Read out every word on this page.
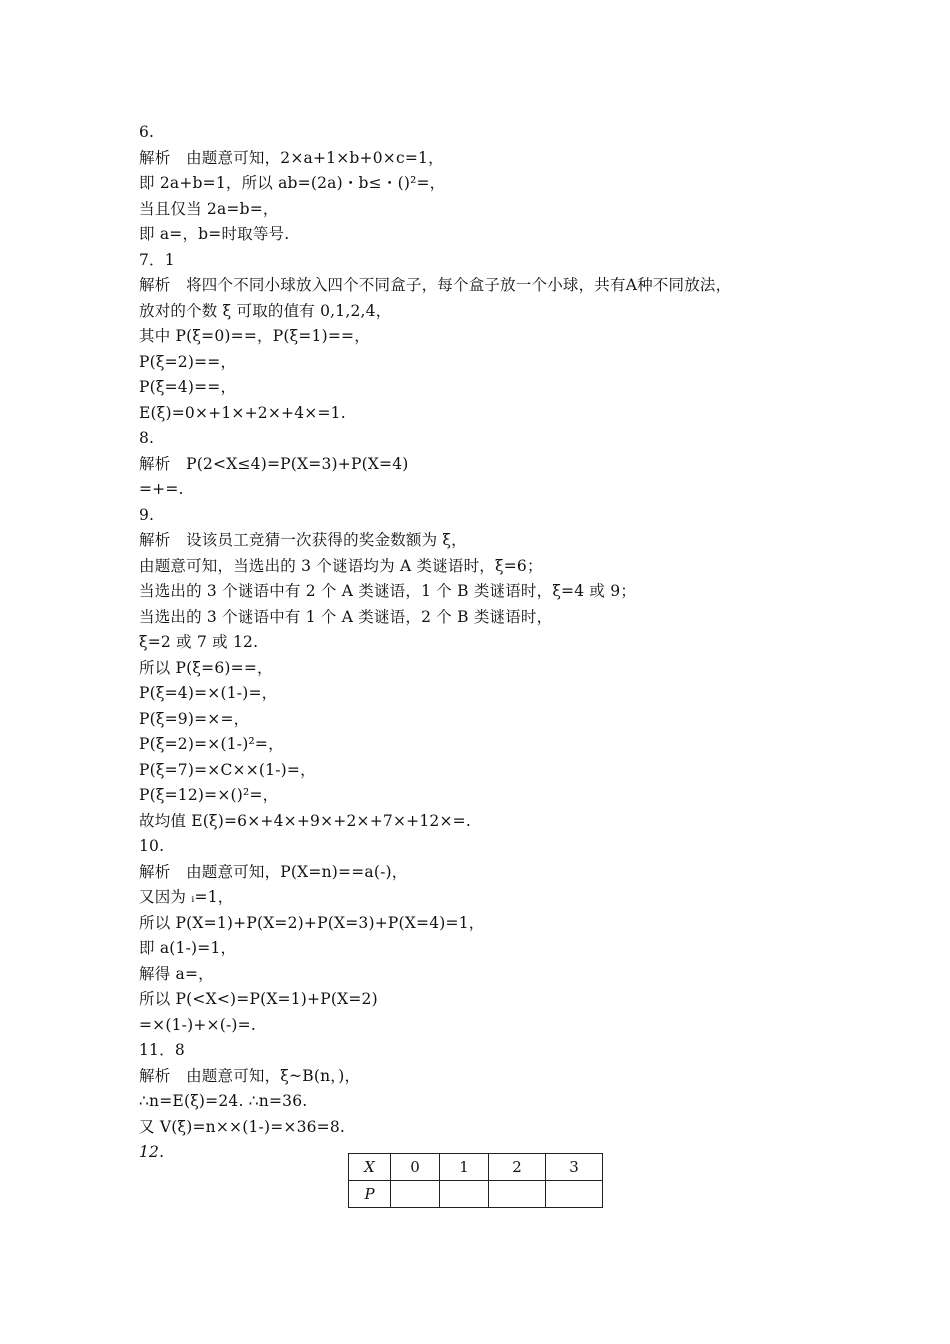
6.
解析　由题意可知，2×a+1×b+0×c=1，
即 2a+b=1，所以 ab=(2a)・b≤・()²=，
当且仅当 2a=b=，
即 a=，b=时取等号.
7．1
解析　将四个不同小球放入四个不同盒子，每个盒子放一个小球，共有A种不同放法，
放对的个数 ξ 可取的值有 0,1,2,4，
其中 P(ξ=0)==，P(ξ=1)==，
P(ξ=2)==，
P(ξ=4)==，
E(ξ)=0×+1×+2×+4×=1.
8.
解析　P(2<X≤4)=P(X=3)+P(X=4)
=+=.
9.
解析　设该员工竞猜一次获得的奖金数额为 ξ，
由题意可知，当选出的 3 个谜语均为 A 类谜语时，ξ=6；
当选出的 3 个谜语中有 2 个 A 类谜语，1 个 B 类谜语时，ξ=4 或 9；
当选出的 3 个谜语中有 1 个 A 类谜语，2 个 B 类谜语时，
ξ=2 或 7 或 12.
所以 P(ξ=6)==，
P(ξ=4)=×(1-)=，
P(ξ=9)=×=，
P(ξ=2)=×(1-)²=，
P(ξ=7)=×C××(1-)=，
P(ξ=12)=×()²=，
故均值 E(ξ)=6×+4×+9×+2×+7×+12×=.
10.
解析　由题意可知，P(X=n)==a(-)，
又因为 ᵢ=1，
所以 P(X=1)+P(X=2)+P(X=3)+P(X=4)=1，
即 a(1-)=1，
解得 a=，
所以 P(<X<)=P(X=1)+P(X=2)
=×(1-)+×(-)=.
11．8
解析　由题意可知，ξ~B(n，)，
∴n=E(ξ)=24. ∴n=36.
又 V(ξ)=n××(1-)=×36=8.
12.
X	0	1	2	3
P				
